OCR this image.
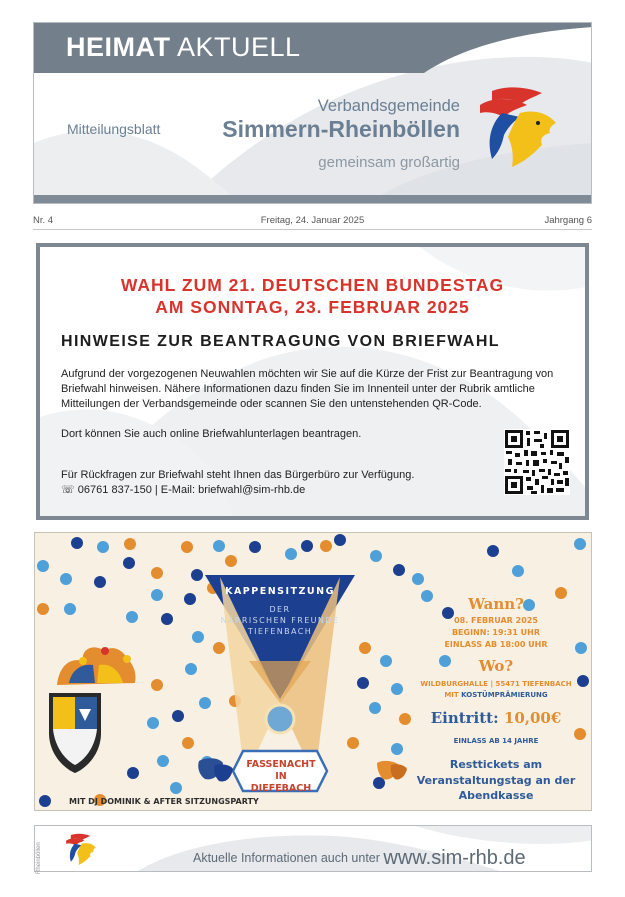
HEIMAT AKTUELL
Mitteilungsblatt
Verbandsgemeinde
Simmern-Rheinböllen
gemeinsam großartig
Nr. 4	Freitag, 24. Januar 2025	Jahrgang 6
WAHL ZUM 21. DEUTSCHEN BUNDESTAG
AM SONNTAG, 23. FEBRUAR 2025
HINWEISE ZUR BEANTRAGUNG VON BRIEFWAHL
Aufgrund der vorgezogenen Neuwahlen möchten wir Sie auf die Kürze der Frist zur Beantragung von Briefwahl hinweisen. Nähere Informationen dazu finden Sie im Innenteil unter der Rubrik amtliche Mitteilungen der Verbandsgemeinde oder scannen Sie den untenstehenden QR-Code.
Dort können Sie auch online Briefwahlunterlagen beantragen.
Für Rückfragen zur Briefwahl steht Ihnen das Bürgerbüro zur Verfügung.
☏ 06761 837-150 | E-Mail: briefwahl@sim-rhb.de
KAPPENSITZUNG
DER
NÄRRISCHEN FREUNDE
TIEFENBACH
FASSENACHT IN
DIEFEBACH
Wann?
08. FEBRUAR 2025
BEGINN: 19:31 UHR
EINLASS AB 18:00 UHR
Wo?
WILDBURGHALLE | 55471 TIEFENBACH
MIT KOSTÜMPRÄMIERUNG
Eintritt: 10,00€
EINLASS AB 14 JAHRE
Resttickets am
Veranstaltungstag an der
Abendkasse
MIT DJ DOMINIK & AFTER SITZUNGSPARTY
Aktuelle Informationen auch unter www.sim-rhb.de
Rheinböllen
